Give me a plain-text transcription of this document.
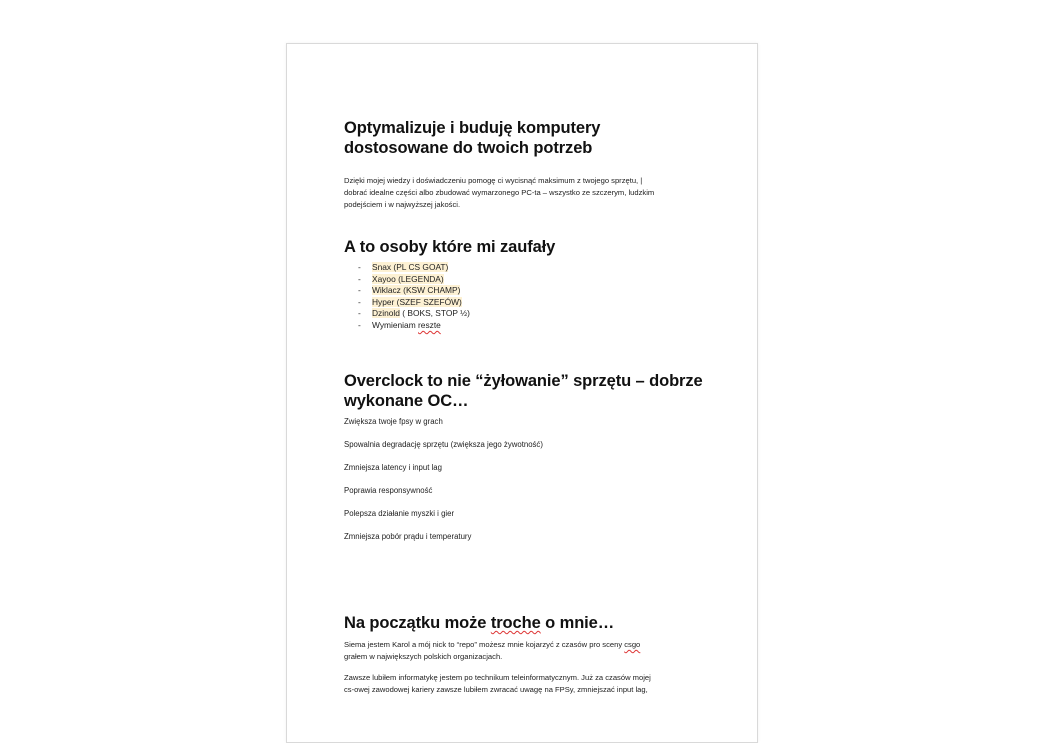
Optymalizuje i buduję komputery
dostosowane do twoich potrzeb
Dzięki mojej wiedzy i doświadczeniu pomogę ci wycisnąć maksimum z twojego sprzętu, |
dobrać idealne części albo zbudować wymarzonego PC-ta – wszystko ze szczerym, ludzkim
podejściem i w najwyższej jakości.
A to osoby które mi zaufały
- Snax (PL CS GOAT)
- Xayoo (LEGENDA)
- Wiklacz (KSW CHAMP)
- Hyper (SZEF SZEFÓW)
- Dzinold ( BOKS, STOP ½)
- Wymieniam reszte
Overclock to nie “żyłowanie” sprzętu – dobrze
wykonane OC…
Zwiększa twoje fpsy w grach
Spowalnia degradację sprzętu (zwiększa jego żywotność)
Zmniejsza latency i input lag
Poprawia responsywność
Polepsza działanie myszki i gier
Zmniejsza pobór prądu i temperatury
Na początku może troche o mnie…
Siema jestem Karol a mój nick to “repo” możesz mnie kojarzyć z czasów pro sceny csgo
grałem w największych polskich organizacjach.
Zawsze lubiłem informatykę jestem po technikum teleinformatycznym. Już za czasów mojej
cs-owej zawodowej kariery zawsze lubiłem zwracać uwagę na FPSy, zmniejszać input lag,
